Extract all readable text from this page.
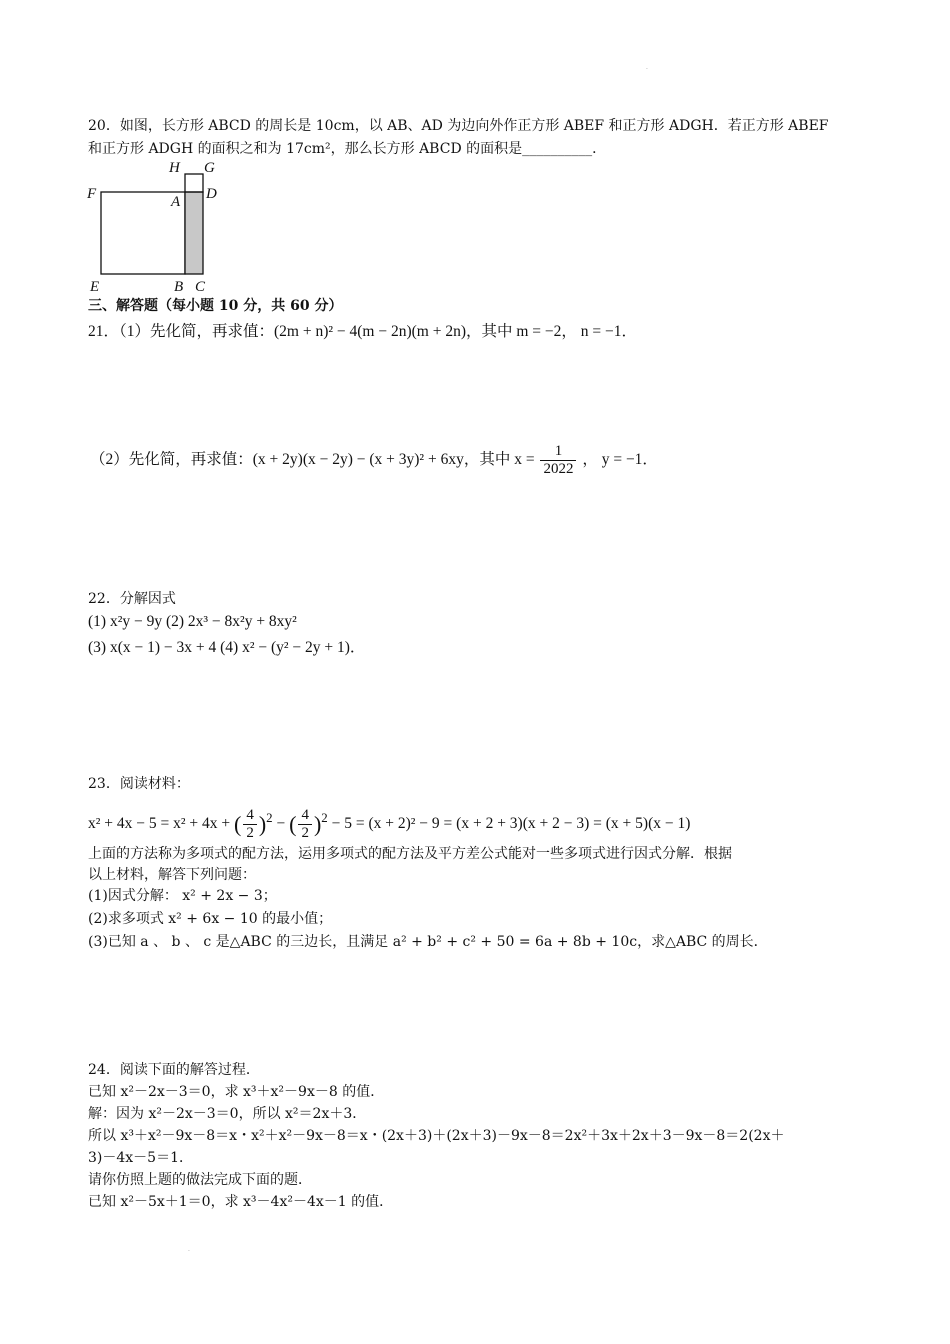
·
20．如图，长方形 ABCD 的周长是 10cm，以 AB、AD 为边向外作正方形 ABEF 和正方形 ADGH．若正方形 ABEF
和正方形 ADGH 的面积之和为 17cm²，那么长方形 ABCD 的面积是__________．
H G
F	A D
E	B C
三、解答题（每小题 10 分，共 60 分）
21．（1）先化简，再求值：(2m + n)² − 4(m − 2n)(m + 2n)，其中 m = −2， n = −1．
（2）先化简，再求值：(x + 2y)(x − 2y) − (x + 3y)² + 6xy，其中 $x = \frac{1}{2022}$ ， y = −1．
22．分解因式
(1) x²y − 9y (2) 2x³ − 8x²y + 8xy²
(3) x(x − 1) − 3x + 4 (4) x² − (y² − 2y + 1)．
23．阅读材料：
x² + 4x − 5 = x² + 4x + ( $\frac{4}{2} )^2$ − ( $\frac{4}{2} )^2 - 5 = (x + 2)^2 - 9 = (x + 2 + 3)(x + 2 - 3) = (x + 5)(x - 1)$
上面的方法称为多项式的配方法，运用多项式的配方法及平方差公式能对一些多项式进行因式分解．根据
以上材料，解答下列问题：
(1)因式分解： x² + 2x − 3；
(2)求多项式 x² + 6x − 10 的最小值；
(3)已知 a 、 b 、 c 是△ABC 的三边长，且满足 a² + b² + c² + 50 = 6a + 8b + 10c，求△ABC 的周长．
24．阅读下面的解答过程．
已知 x²－2x－3＝0，求 x³＋x²－9x－8 的值．
解：因为 x²－2x－3＝0，所以 x²＝2x＋3．
所以 x³＋x²－9x－8＝x・x²＋x²－9x－8＝x・(2x＋3)＋(2x＋3)－9x－8＝2x²＋3x＋2x＋3－9x－8＝2(2x＋
3)－4x－5＝1．
请你仿照上题的做法完成下面的题．
已知 x²－5x＋1＝0，求 x³－4x²－4x－1 的值．
·
